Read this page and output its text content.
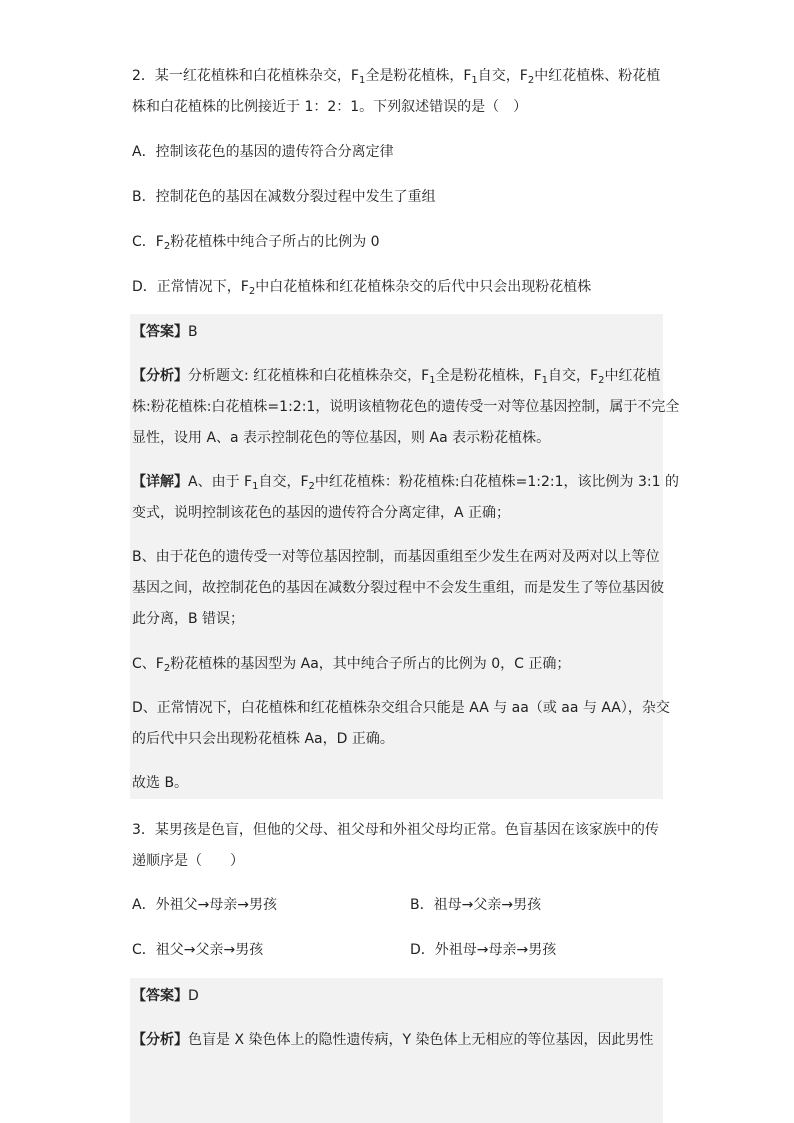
2．某一红花植株和白花植株杂交，$F_1$全是粉花植株，$F_1$自交，$F_2$中红花植株、粉花植
株和白花植株的比例接近于 1：2：1。下列叙述错误的是（　）
A．控制该花色的基因的遗传符合分离定律
B．控制花色的基因在减数分裂过程中发生了重组
C．$F_2$粉花植株中纯合子所占的比例为 0
D．正常情况下，$F_2$中白花植株和红花植株杂交的后代中只会出现粉花植株
【答案】B
【分析】分析题文: 红花植株和白花植株杂交，$F_1$全是粉花植株，$F_1$自交，$F_2$中红花植
株:粉花植株:白花植株=1:2:1，说明该植物花色的遗传受一对等位基因控制，属于不完全
显性，设用 A、a 表示控制花色的等位基因，则 Aa 表示粉花植株。
【详解】A、由于 $F_1$自交，$F_2$中红花植株：粉花植株:白花植株=1:2:1，该比例为 3:1 的
变式，说明控制该花色的基因的遗传符合分离定律，A 正确；
B、由于花色的遗传受一对等位基因控制，而基因重组至少发生在两对及两对以上等位
基因之间，故控制花色的基因在减数分裂过程中不会发生重组，而是发生了等位基因彼
此分离，B 错误；
C、$F_2$粉花植株的基因型为 Aa，其中纯合子所占的比例为 0，C 正确；
D、正常情况下，白花植株和红花植株杂交组合只能是 AA 与 aa（或 aa 与 AA），杂交
的后代中只会出现粉花植株 Aa，D 正确。
故选 B。
3．某男孩是色盲，但他的父母、祖父母和外祖父母均正常。色盲基因在该家族中的传
递顺序是（　　）
A．外祖父→母亲→男孩	B．祖母→父亲→男孩
C．祖父→父亲→男孩	D．外祖母→母亲→男孩
【答案】D
【分析】色盲是 X 染色体上的隐性遗传病，Y 染色体上无相应的等位基因，因此男性
